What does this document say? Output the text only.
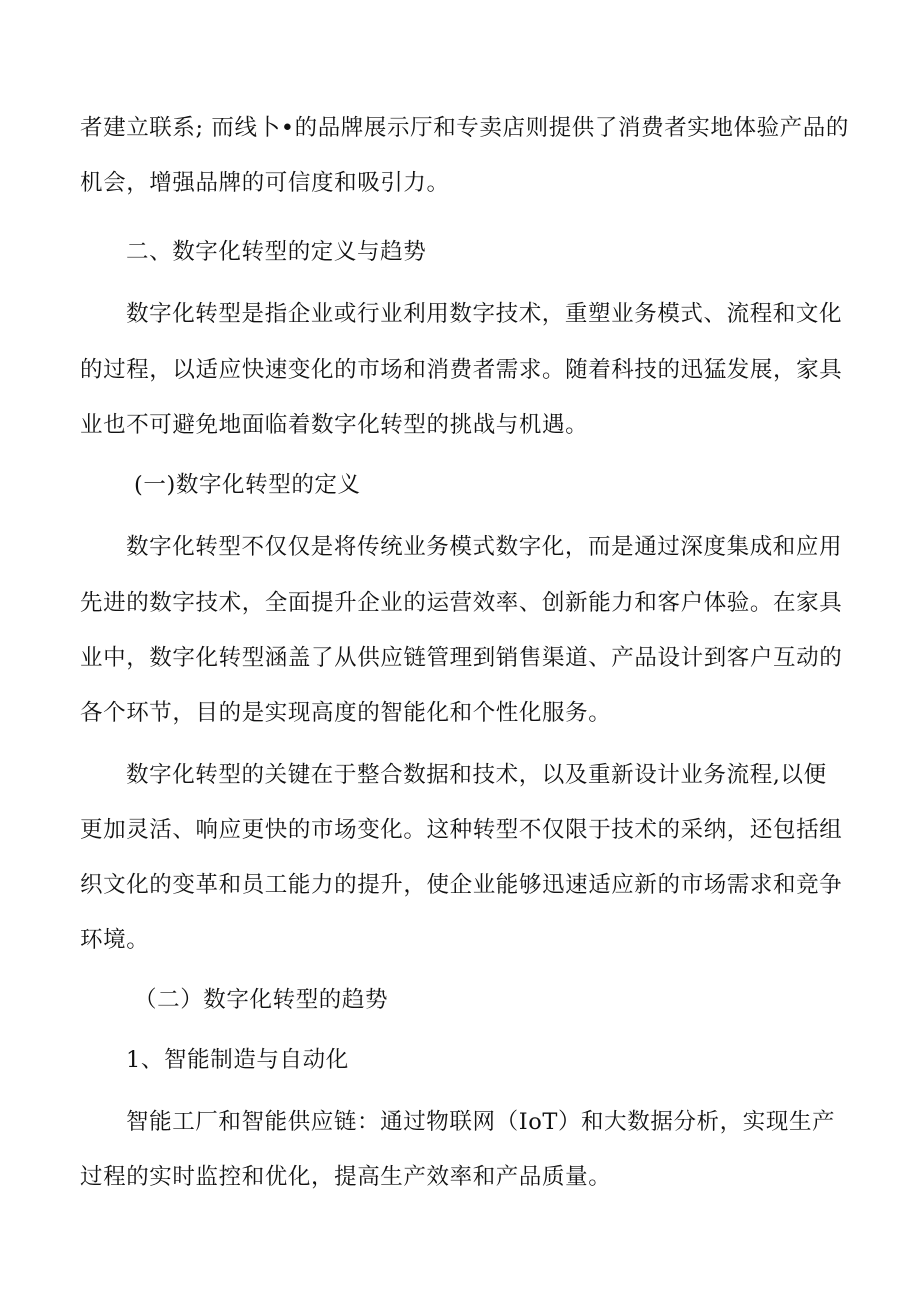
者建立联系; 而线卜•的品牌展示厅和专卖店则提供了消费者实地体验产品的
机会，增强品牌的可信度和吸引力。
二、数字化转型的定义与趋势
数字化转型是指企业或行业利用数字技术，重塑业务模式、流程和文化
的过程，以适应快速变化的市场和消费者需求。随着科技的迅猛发展，家具
业也不可避免地面临着数字化转型的挑战与机遇。
(一)数字化转型的定义
数字化转型不仅仅是将传统业务模式数字化，而是通过深度集成和应用
先进的数字技术，全面提升企业的运营效率、创新能力和客户体验。在家具
业中，数字化转型涵盖了从供应链管理到销售渠道、产品设计到客户互动的
各个环节，目的是实现高度的智能化和个性化服务。
数字化转型的关键在于整合数据和技术，以及重新设计业务流程,以便
更加灵活、响应更快的市场变化。这种转型不仅限于技术的采纳，还包括组
织文化的变革和员工能力的提升，使企业能够迅速适应新的市场需求和竞争
环境。
（二）数字化转型的趋势
1、智能制造与自动化
智能工厂和智能供应链：通过物联网（IoT）和大数据分析，实现生产
过程的实时监控和优化，提高生产效率和产品质量。
